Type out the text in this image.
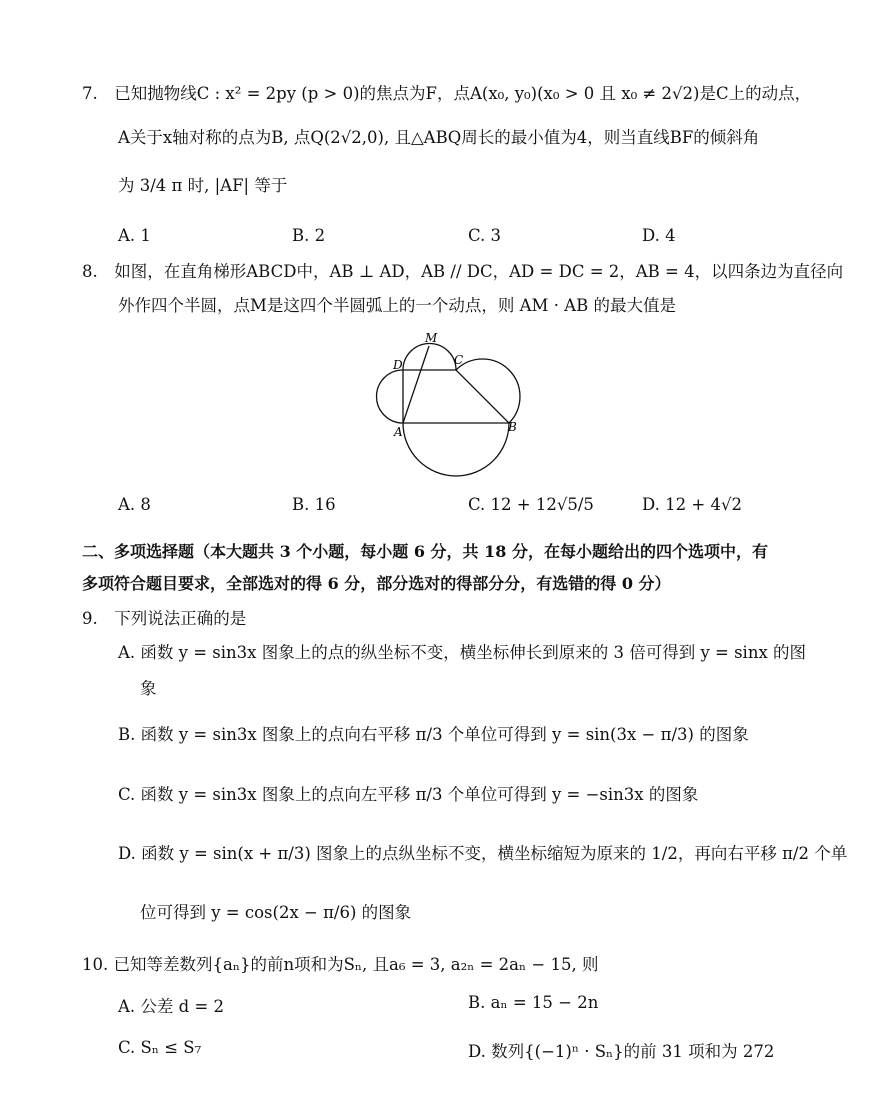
7.　已知抛物线C : x² = 2py (p > 0)的焦点为F，点A(x₀, y₀)(x₀ > 0 且 x₀ ≠ 2√2)是C上的动点，
A关于x轴对称的点为B, 点Q(2√2,0), 且△ABQ周长的最小值为4，则当直线BF的倾斜角
为 3/4 π 时, |AF| 等于
A. 1	B. 2	C. 3	D. 4
8.　如图，在直角梯形ABCD中，AB ⊥ AD，AB // DC，AD = DC = 2，AB = 4，以四条边为直径向
外作四个半圆，点M是这四个半圆弧上的一个动点，则 AM · AB 的最大值是
M
D	C
A	B
A. 8	B. 16	C. 12 + 12√5/5	D. 12 + 4√2
二、多项选择题（本大题共 3 个小题，每小题 6 分，共 18 分，在每小题给出的四个选项中，有
多项符合题目要求，全部选对的得 6 分，部分选对的得部分分，有选错的得 0 分）
9.　下列说法正确的是
A. 函数 y = sin3x 图象上的点的纵坐标不变，横坐标伸长到原来的 3 倍可得到 y = sinx 的图
象
B. 函数 y = sin3x 图象上的点向右平移 π/3 个单位可得到 y = sin(3x − π/3) 的图象
C. 函数 y = sin3x 图象上的点向左平移 π/3 个单位可得到 y = −sin3x 的图象
D. 函数 y = sin(x + π/3) 图象上的点纵坐标不变，横坐标缩短为原来的 1/2，再向右平移 π/2 个单
位可得到 y = cos(2x − π/6) 的图象
10. 已知等差数列{aₙ}的前n项和为Sₙ, 且a₆ = 3, a₂ₙ = 2aₙ − 15, 则
A. 公差 d = 2	B. aₙ = 15 − 2n
C. Sₙ ≤ S₇	D. 数列{(−1)ⁿ · Sₙ}的前 31 项和为 272
